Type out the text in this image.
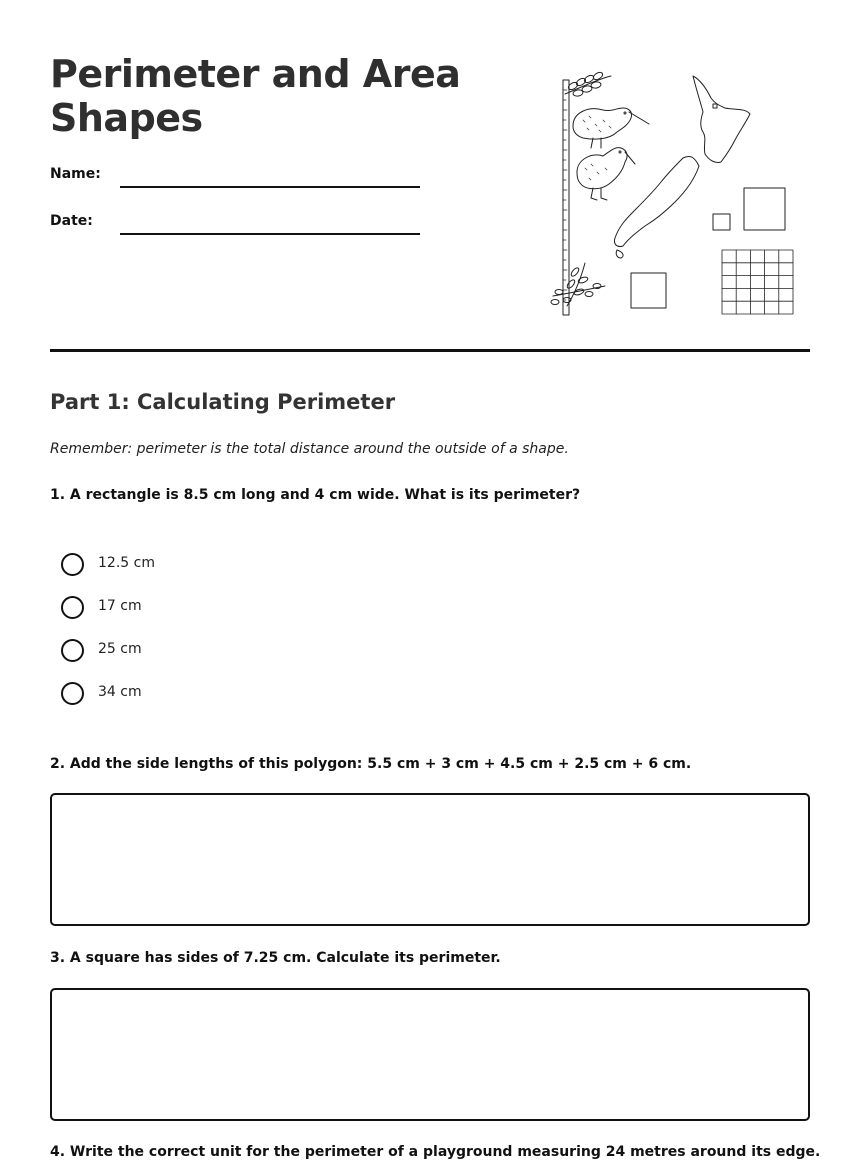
Perimeter and Area Shapes
Name:
Date:
Part 1: Calculating Perimeter
Remember: perimeter is the total distance around the outside of a shape.
1. A rectangle is 8.5 cm long and 4 cm wide. What is its perimeter?
12.5 cm
17 cm
25 cm
34 cm
2. Add the side lengths of this polygon: 5.5 cm + 3 cm + 4.5 cm + 2.5 cm + 6 cm.
3. A square has sides of 7.25 cm. Calculate its perimeter.
4. Write the correct unit for the perimeter of a playground measuring 24 metres around its edge.
